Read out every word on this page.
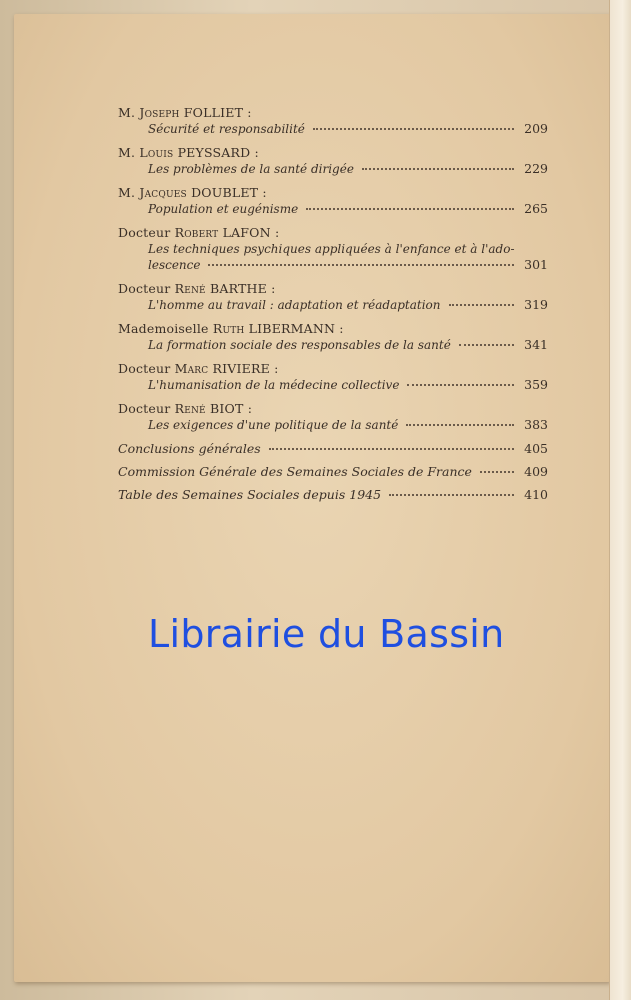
M. Joseph FOLLIET :
Sécurité et responsabilité	209
M. Louis PEYSSARD :
Les problèmes de la santé dirigée	229
M. Jacques DOUBLET :
Population et eugénisme	265
Docteur Robert LAFON :
Les techniques psychiques appliquées à l'enfance et à l'ado-
lescence	301
Docteur René BARTHE :
L'homme au travail : adaptation et réadaptation	319
Mademoiselle Ruth LIBERMANN :
La formation sociale des responsables de la santé	341
Docteur Marc RIVIERE :
L'humanisation de la médecine collective	359
Docteur René BIOT :
Les exigences d'une politique de la santé	383
Conclusions générales	405
Commission Générale des Semaines Sociales de France	409
Table des Semaines Sociales depuis 1945	410
Librairie du Bassin
